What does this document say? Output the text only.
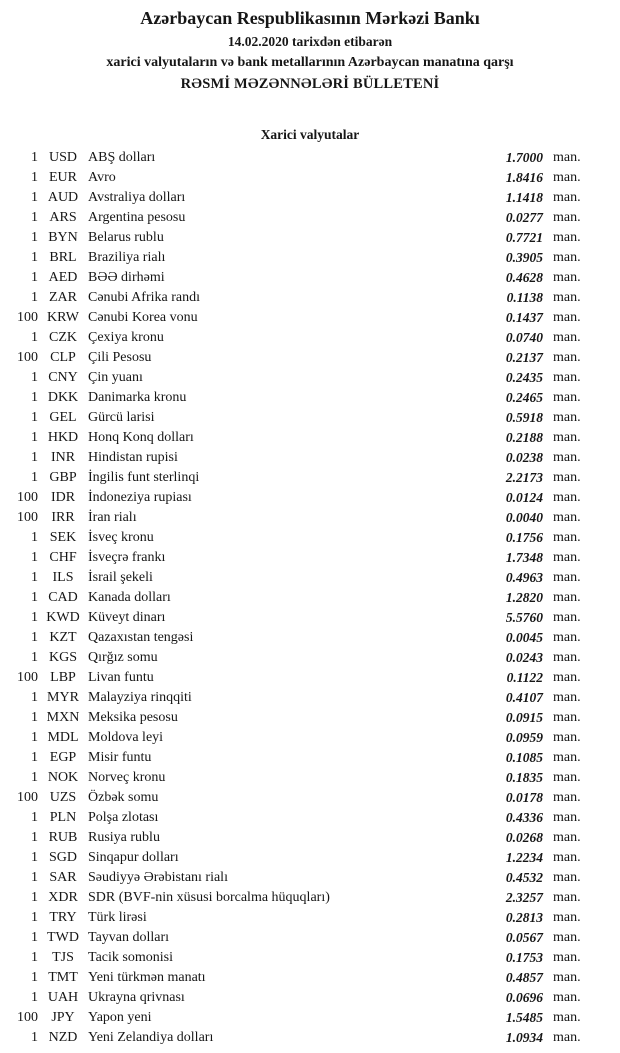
Azərbaycan Respublikasının Mərkəzi Bankı
14.02.2020 tarixdən etibarən
xarici valyutaların və bank metallarının Azərbaycan manatına qarşı
RƏSMİ MƏZƏNNƏLƏRİ BÜLLETENİ
Xarici valyutalar
1 USD ABŞ dolları	1.7000 man.
1 EUR Avro	1.8416 man.
1 AUD Avstraliya dolları	1.1418 man.
1 ARS Argentina pesosu	0.0277 man.
1 BYN Belarus rublu	0.7721 man.
1 BRL Braziliya rialı	0.3905 man.
1 AED BƏƏ dirhəmi	0.4628 man.
1 ZAR Cənubi Afrika randı	0.1138 man.
100 KRW Cənubi Korea vonu	0.1437 man.
1 CZK Çexiya kronu	0.0740 man.
100 CLP Çili Pesosu	0.2137 man.
1 CNY Çin yuanı	0.2435 man.
1 DKK Danimarka kronu	0.2465 man.
1 GEL Gürcü larisi	0.5918 man.
1 HKD Honq Konq dolları	0.2188 man.
1 INR Hindistan rupisi	0.0238 man.
1 GBP İngilis funt sterlinqi	2.2173 man.
100 IDR İndoneziya rupiası	0.0124 man.
100 IRR İran rialı	0.0040 man.
1 SEK İsveç kronu	0.1756 man.
1 CHF İsveçrə frankı	1.7348 man.
1	ILS	İsrail şekeli	0.4963 man.
1 CAD Kanada dolları	1.2820 man.
1 KWD Küveyt dinarı	5.5760 man.
1 KZT Qazaxıstan tengəsi	0.0045 man.
1 KGS Qırğız somu	0.0243 man.
100 LBP Livan funtu	0.1122 man.
1 MYR Malayziya rinqqiti	0.4107 man.
1 MXN Meksika pesosu	0.0915 man.
1 MDL Moldova leyi	0.0959 man.
1 EGP Misir funtu	0.1085 man.
1 NOK Norveç kronu	0.1835 man.
100 UZS Özbək somu	0.0178 man.
1 PLN Polşa zlotası	0.4336 man.
1 RUB Rusiya rublu	0.0268 man.
1 SGD Sinqapur dolları	1.2234 man.
1 SAR Səudiyyə Ərəbistanı rialı	0.4532 man.
1 XDR SDR (BVF-nin xüsusi borcalma hüquqları)	2.3257 man.
1 TRY Türk lirəsi	0.2813 man.
1 TWD Tayvan dolları	0.0567 man.
1	TJS	Tacik somonisi	0.1753 man.
1 TMT Yeni türkmən manatı	0.4857 man.
1 UAH Ukrayna qrivnası	0.0696 man.
100 JPY Yapon yeni	1.5485 man.
1 NZD Yeni Zelandiya dolları	1.0934 man.
